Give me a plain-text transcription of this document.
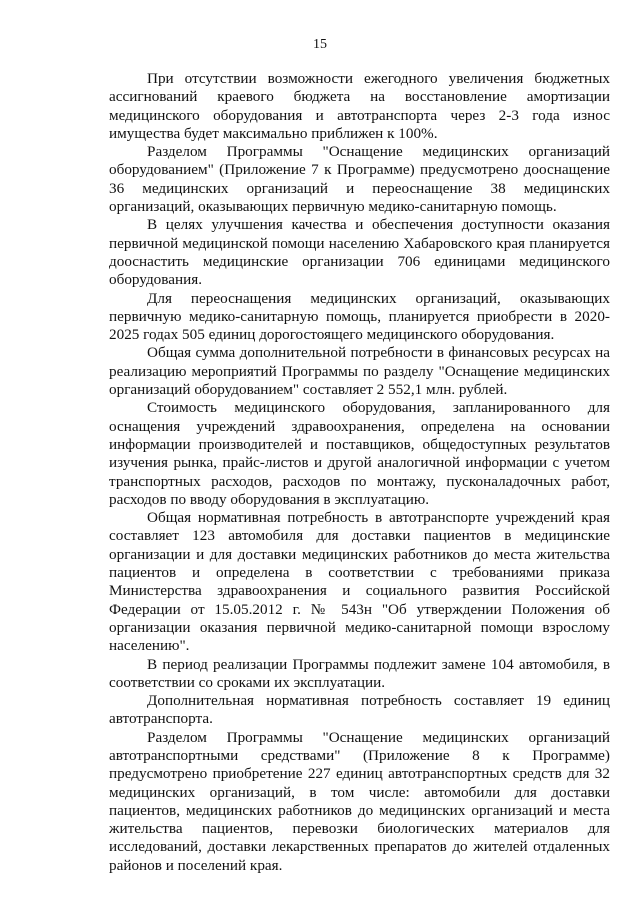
15

При отсутствии возможности ежегодного увеличения бюджетных ассигнований краевого бюджета на восстановление амортизации медицинского оборудования и автотранспорта через 2-3 года износ имущества будет максимально приближен к 100%.

Разделом Программы "Оснащение медицинских организаций оборудованием" (Приложение 7 к Программе) предусмотрено дооснащение 36 медицинских организаций и переоснащение 38 медицинских организаций, оказывающих первичную медико-санитарную помощь.

В целях улучшения качества и обеспечения доступности оказания первичной медицинской помощи населению Хабаровского края планируется дооснастить медицинские организации 706 единицами медицинского оборудования.

Для переоснащения медицинских организаций, оказывающих первичную медико-санитарную помощь, планируется приобрести в 2020-2025 годах 505 единиц дорогостоящего медицинского оборудования.

Общая сумма дополнительной потребности в финансовых ресурсах на реализацию мероприятий Программы по разделу "Оснащение медицинских организаций оборудованием" составляет 2 552,1 млн. рублей.

Стоимость медицинского оборудования, запланированного для оснащения учреждений здравоохранения, определена на основании информации производителей и поставщиков, общедоступных результатов изучения рынка, прайс-листов и другой аналогичной информации с учетом транспортных расходов, расходов по монтажу, пусконаладочных работ, расходов по вводу оборудования в эксплуатацию.

Общая нормативная потребность в автотранспорте учреждений края составляет 123 автомобиля для доставки пациентов в медицинские организации и для доставки медицинских работников до места жительства пациентов и определена в соответствии с требованиями приказа Министерства здравоохранения и социального развития Российской Федерации от 15.05.2012 г. № 543н "Об утверждении Положения об организации оказания первичной медико-санитарной помощи взрослому населению".

В период реализации Программы подлежит замене 104 автомобиля, в соответствии со сроками их эксплуатации.

Дополнительная нормативная потребность составляет 19 единиц автотранспорта.

Разделом Программы "Оснащение медицинских организаций автотранспортными средствами" (Приложение 8 к Программе) предусмотрено приобретение 227 единиц автотранспортных средств для 32 медицинских организаций, в том числе: автомобили для доставки пациентов, медицинских работников до медицинских организаций и места жительства пациентов, перевозки биологических материалов для исследований, доставки лекарственных препаратов до жителей отдаленных районов и поселений края.
